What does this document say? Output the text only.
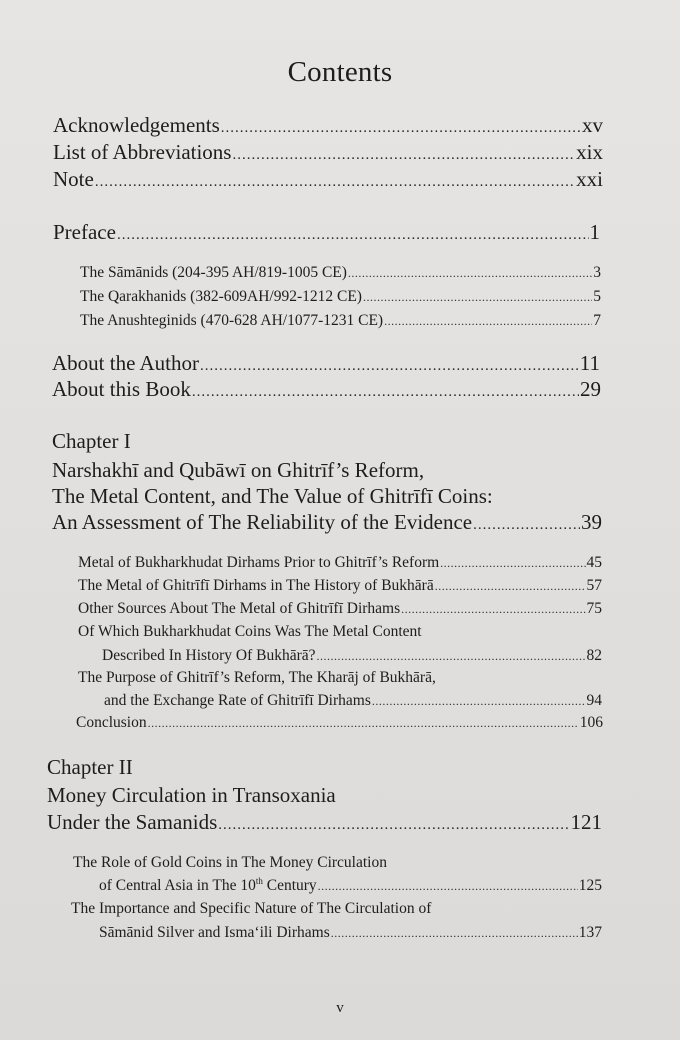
Contents
Acknowledgements .....	xv
List of Abbreviations .....	xix
Note .....	xxi
Preface .....	1
The Sāmānids (204-395 AH/819-1005 CE) .....	3
The Qarakhanids (382-609AH/992-1212 CE) .....	5
The Anushteginids (470-628 AH/1077-1231 CE) .....	7
About the Author .....	11
About this Book .....	29
Chapter I
Narshakhī and Qubāwī on Ghitrīf’s Reform,
The Metal Content, and The Value of Ghitrīfī Coins:
An Assessment of The Reliability of the Evidence .....	39
Metal of Bukharkhudat Dirhams Prior to Ghitrīf’s Reform .....	45
The Metal of Ghitrīfī Dirhams in The History of Bukhārā .....	57
Other Sources About The Metal of Ghitrīfī Dirhams .....	75
Of Which Bukharkhudat Coins Was The Metal Content
Described In History Of Bukhārā? .....	82
The Purpose of Ghitrīf’s Reform, The Kharāj of Bukhārā,
and the Exchange Rate of Ghitrīfī Dirhams .....	94
Conclusion .....	106
Chapter II
Money Circulation in Transoxania
Under the Samanids .....	121
The Role of Gold Coins in The Money Circulation
of Central Asia in The 10th Century .....	125
The Importance and Specific Nature of The Circulation of
Sāmānid Silver and Isma‘ili Dirhams .....	137
v
